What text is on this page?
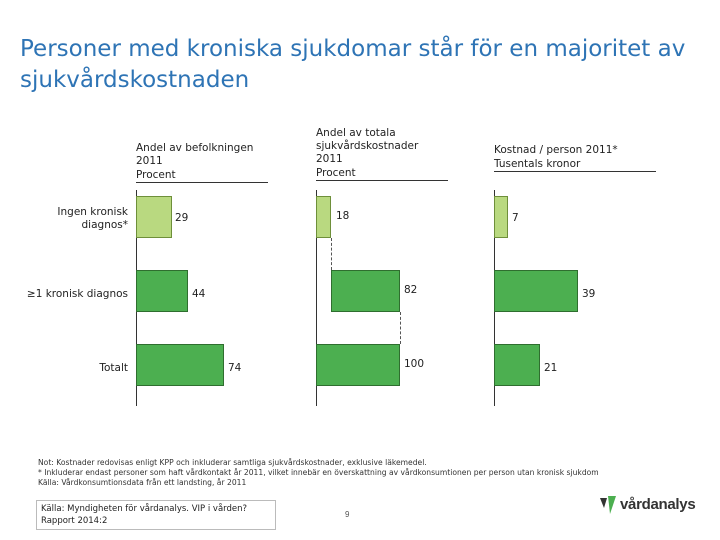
Personer med kroniska sjukdomar står för en majoritet av sjukvårdskostnaden
Andel av befolkningen 2011

Procent
Andel av totala
sjukvårdskostnader 2011

Procent
Kostnad / person 2011*

Tusentals kronor
Ingen kronisk diagnos*
≥1 kronisk diagnos
Totalt
29
44
74
18
82
100
7
39
21
Not: Kostnader redovisas enligt KPP och inkluderar samtliga sjukvårdskostnader, exklusive läkemedel.
* Inkluderar endast personer som haft vårdkontakt år 2011, vilket innebär en överskattning av vårdkonsumtionen per person utan kronisk sjukdom
Källa: Vårdkonsumtionsdata från ett landsting, år 2011
Källa: Myndigheten för vårdanalys. VIP i vården?
Rapport 2014:2
9
vårdanalys
